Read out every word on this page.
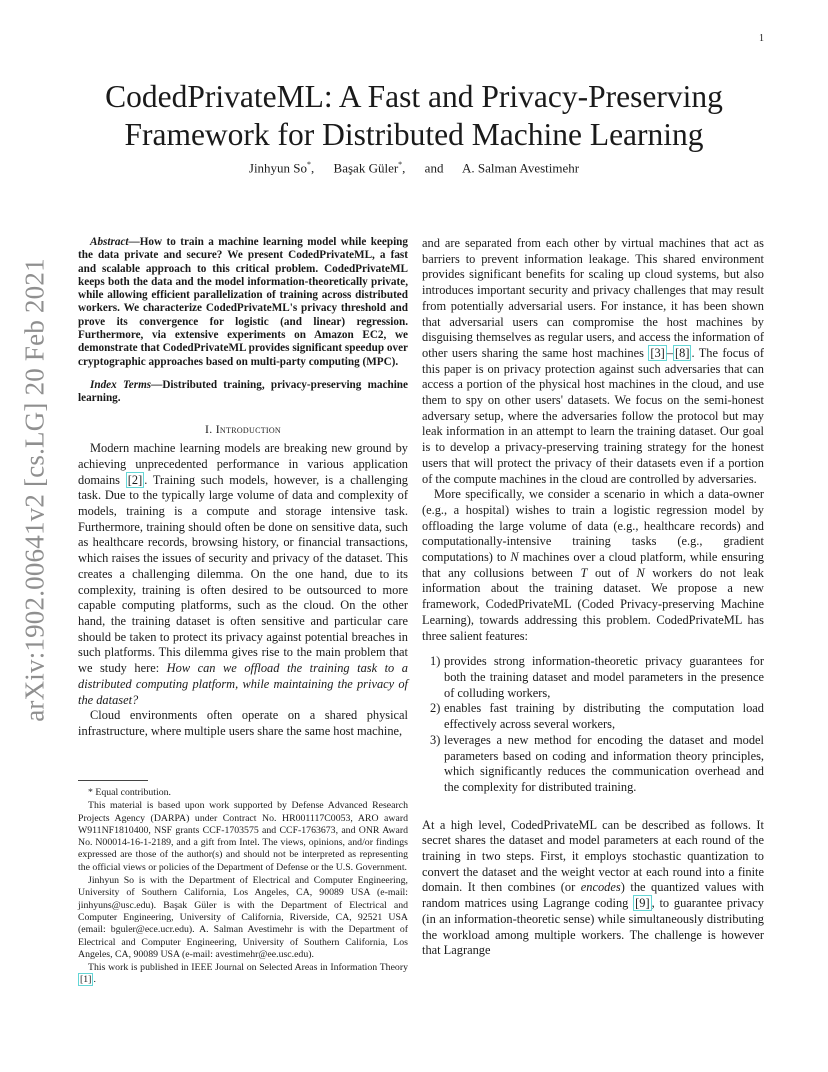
1
arXiv:1902.00641v2 [cs.LG] 20 Feb 2021
CodedPrivateML: A Fast and Privacy-Preserving Framework for Distributed Machine Learning
Jinhyun So*, Başak Güler*, and A. Salman Avestimehr

Abstract—How to train a machine learning model while keeping the data private and secure? We present CodedPrivateML, a fast and scalable approach to this critical problem. CodedPrivateML keeps both the data and the model information-theoretically private, while allowing efficient parallelization of training across distributed workers. We characterize CodedPrivateML's privacy threshold and prove its convergence for logistic (and linear) regression. Furthermore, via extensive experiments on Amazon EC2, we demonstrate that CodedPrivateML provides significant speedup over cryptographic approaches based on multi-party computing (MPC).

Index Terms—Distributed training, privacy-preserving machine learning.

I. Introduction

Modern machine learning models are breaking new ground by achieving unprecedented performance in various application domains [2] . Training such models, however, is a challenging task. Due to the typically large volume of data and complexity of models, training is a compute and storage intensive task. Furthermore, training should often be done on sensitive data, such as healthcare records, browsing history, or financial transactions, which raises the issues of security and privacy of the dataset. This creates a challenging dilemma. On the one hand, due to its complexity, training is often desired to be outsourced to more capable computing platforms, such as the cloud. On the other hand, the training dataset is often sensitive and particular care should be taken to protect its privacy against potential breaches in such platforms. This dilemma gives rise to the main problem that we study here: How can we offload the training task to a distributed computing platform, while maintaining the privacy of the dataset?

Cloud environments often operate on a shared physical infrastructure, where multiple users share the same host machine,

* Equal contribution.

This material is based upon work supported by Defense Advanced Research Projects Agency (DARPA) under Contract No. HR001117C0053, ARO award W911NF1810400, NSF grants CCF-1703575 and CCF-1763673, and ONR Award No. N00014-16-1-2189, and a gift from Intel. The views, opinions, and/or findings expressed are those of the author(s) and should not be interpreted as representing the official views or policies of the Department of Defense or the U.S. Government.

Jinhyun So is with the Department of Electrical and Computer Engineering, University of Southern California, Los Angeles, CA, 90089 USA (e-mail: jinhyuns@usc.edu). Başak Güler is with the Department of Electrical and Computer Engineering, University of California, Riverside, CA, 92521 USA (email: bguler@ece.ucr.edu). A. Salman Avestimehr is with the Department of Electrical and Computer Engineering, University of Southern California, Los Angeles, CA, 90089 USA (e-mail: avestimehr@ee.usc.edu).

This work is published in IEEE Journal on Selected Areas in Information Theory [1] .

and are separated from each other by virtual machines that act as barriers to prevent information leakage. This shared environment provides significant benefits for scaling up cloud systems, but also introduces important security and privacy challenges that may result from potentially adversarial users. For instance, it has been shown that adversarial users can compromise the host machines by disguising themselves as regular users, and access the information of other users sharing the same host machines [3] – [8] . The focus of this paper is on privacy protection against such adversaries that can access a portion of the physical host machines in the cloud, and use them to spy on other users' datasets. We focus on the semi-honest adversary setup, where the adversaries follow the protocol but may leak information in an attempt to learn the training dataset. Our goal is to develop a privacy-preserving training strategy for the honest users that will protect the privacy of their datasets even if a portion of the compute machines in the cloud are controlled by adversaries.

More specifically, we consider a scenario in which a data-owner (e.g., a hospital) wishes to train a logistic regression model by offloading the large volume of data (e.g., healthcare records) and computationally-intensive training tasks (e.g., gradient computations) to N machines over a cloud platform, while ensuring that any collusions between T out of N workers do not leak information about the training dataset. We propose a new framework, CodedPrivateML (Coded Privacy-preserving Machine Learning), towards addressing this problem. CodedPrivateML has three salient features:

1) provides strong information-theoretic privacy guarantees for both the training dataset and model parameters in the presence of colluding workers,
2) enables fast training by distributing the computation load effectively across several workers,
3) leverages a new method for encoding the dataset and model parameters based on coding and information theory principles, which significantly reduces the communication overhead and the complexity for distributed training.

At a high level, CodedPrivateML can be described as follows. It secret shares the dataset and model parameters at each round of the training in two steps. First, it employs stochastic quantization to convert the dataset and the weight vector at each round into a finite domain. It then combines (or encodes) the quantized values with random matrices using Lagrange coding [9] , to guarantee privacy (in an information-theoretic sense) while simultaneously distributing the workload among multiple workers. The challenge is however that Lagrange
